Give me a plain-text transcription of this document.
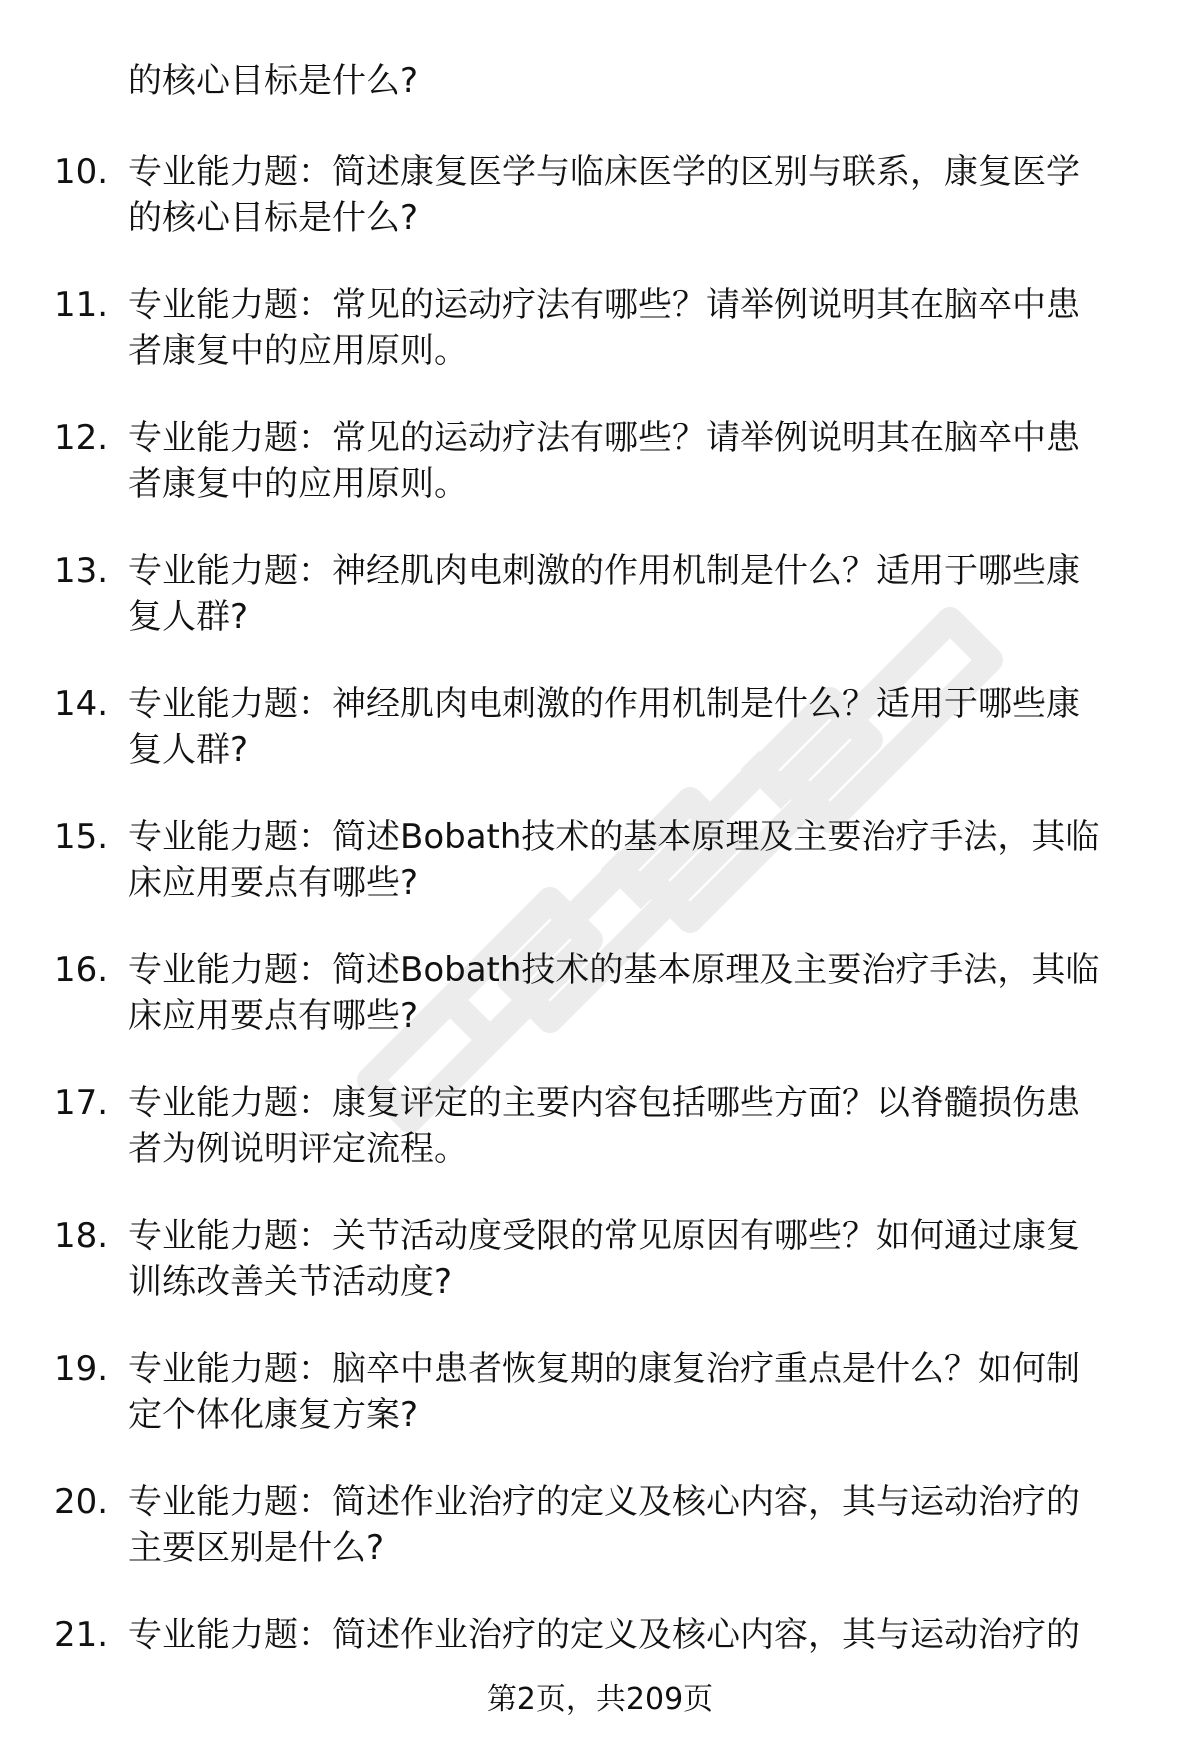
的核心目标是什么?
10. 专业能力题：简述康复医学与临床医学的区别与联系，康复医学
的核心目标是什么?
11. 专业能力题：常见的运动疗法有哪些？请举例说明其在脑卒中患
者康复中的应用原则。
12. 专业能力题：常见的运动疗法有哪些？请举例说明其在脑卒中患
者康复中的应用原则。
13. 专业能力题：神经肌肉电刺激的作用机制是什么？适用于哪些康
复人群?
14. 专业能力题：神经肌肉电刺激的作用机制是什么？适用于哪些康
复人群?
15. 专业能力题：简述Bobath技术的基本原理及主要治疗手法，其临
床应用要点有哪些?
16. 专业能力题：简述Bobath技术的基本原理及主要治疗手法，其临
床应用要点有哪些?
17. 专业能力题：康复评定的主要内容包括哪些方面？以脊髓损伤患
者为例说明评定流程。
18. 专业能力题：关节活动度受限的常见原因有哪些？如何通过康复
训练改善关节活动度?
19. 专业能力题：脑卒中患者恢复期的康复治疗重点是什么？如何制
定个体化康复方案?
20. 专业能力题：简述作业治疗的定义及核心内容，其与运动治疗的
主要区别是什么?
21. 专业能力题：简述作业治疗的定义及核心内容，其与运动治疗的
第2页，共209页
